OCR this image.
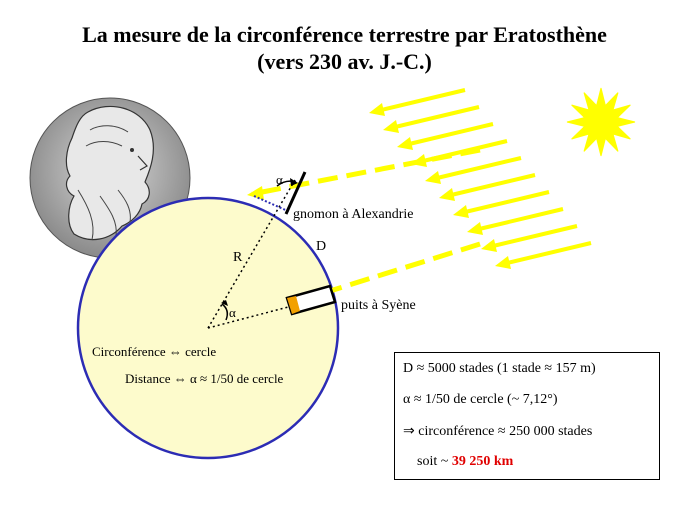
α
gnomon à Alexandrie
D
R
α	puits à Syène
Circonférence ⇔ cercle
Distance ⇔ α ≈ 1/50 de cercle
La mesure de la circonférence terrestre par Eratosthène
(vers 230 av. J.-C.)
D ≈ 5000 stades (1 stade ≈ 157 m)
α ≈ 1/50 de cercle (~ 7,12°)
⇒ circonférence ≈ 250 000 stades
soit ~ 39 250 km
